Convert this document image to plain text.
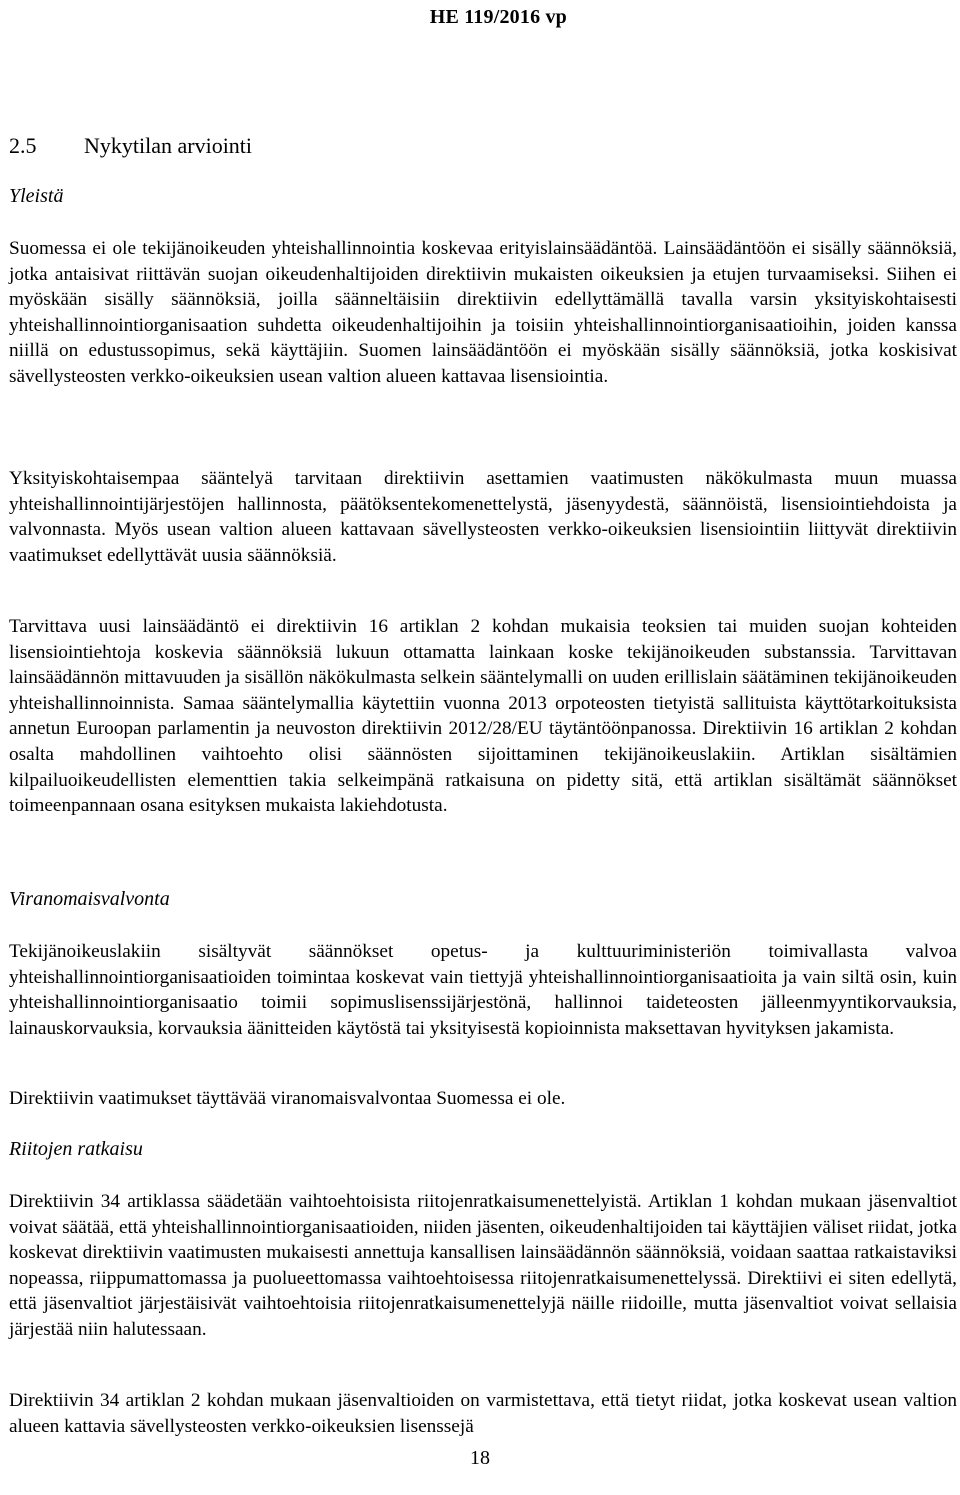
HE 119/2016 vp
2.5 Nykytilan arviointi

Yleistä

Suomessa ei ole tekijänoikeuden yhteishallinnointia koskevaa erityislainsäädäntöä. Lainsäädäntöön ei sisälly säännöksiä, jotka antaisivat riittävän suojan oikeudenhaltijoiden direktiivin mukaisten oikeuksien ja etujen turvaamiseksi. Siihen ei myöskään sisälly säännöksiä, joilla säänneltäisiin direktiivin edellyttämällä tavalla varsin yksityiskohtaisesti yhteishallinnointiorganisaation suhdetta oikeudenhaltijoihin ja toisiin yhteishallinnointiorganisaatioihin, joiden kanssa niillä on edustussopimus, sekä käyttäjiin. Suomen lainsäädäntöön ei myöskään sisälly säännöksiä, jotka koskisivat sävellysteosten verkko-oikeuksien usean valtion alueen kattavaa lisensiointia.

Yksityiskohtaisempaa sääntelyä tarvitaan direktiivin asettamien vaatimusten näkökulmasta muun muassa yhteishallinnointijärjestöjen hallinnosta, päätöksentekomenettelystä, jäsenyydestä, säännöistä, lisensiointiehdoista ja valvonnasta. Myös usean valtion alueen kattavaan sävellysteosten verkko-oikeuksien lisensiointiin liittyvät direktiivin vaatimukset edellyttävät uusia säännöksiä.

Tarvittava uusi lainsäädäntö ei direktiivin 16 artiklan 2 kohdan mukaisia teoksien tai muiden suojan kohteiden lisensiointiehtoja koskevia säännöksiä lukuun ottamatta lainkaan koske tekijänoikeuden substanssia. Tarvittavan lainsäädännön mittavuuden ja sisällön näkökulmasta selkein sääntelymalli on uuden erillislain säätäminen tekijänoikeuden yhteishallinnoinnista. Samaa sääntelymallia käytettiin vuonna 2013 orpoteosten tietyistä sallituista käyttötarkoituksista annetun Euroopan parlamentin ja neuvoston direktiivin 2012/28/EU täytäntöönpanossa. Direktiivin 16 artiklan 2 kohdan osalta mahdollinen vaihtoehto olisi säännösten sijoittaminen tekijänoikeuslakiin. Artiklan sisältämien kilpailuoikeudellisten elementtien takia selkeimpänä ratkaisuna on pidetty sitä, että artiklan sisältämät säännökset toimeenpannaan osana esityksen mukaista lakiehdotusta.

Viranomaisvalvonta

Tekijänoikeuslakiin sisältyvät säännökset opetus- ja kulttuuriministeriön toimivallasta valvoa yhteishallinnointiorganisaatioiden toimintaa koskevat vain tiettyjä yhteishallinnointiorganisaatioita ja vain siltä osin, kuin yhteishallinnointiorganisaatio toimii sopimuslisenssijärjestönä, hallinnoi taideteosten jälleenmyyntikorvauksia, lainauskorvauksia, korvauksia äänitteiden käytöstä tai yksityisestä kopioinnista maksettavan hyvityksen jakamista.

Direktiivin vaatimukset täyttävää viranomaisvalvontaa Suomessa ei ole.

Riitojen ratkaisu

Direktiivin 34 artiklassa säädetään vaihtoehtoisista riitojenratkaisumenettelyistä. Artiklan 1 kohdan mukaan jäsenvaltiot voivat säätää, että yhteishallinnointiorganisaatioiden, niiden jäsenten, oikeudenhaltijoiden tai käyttäjien väliset riidat, jotka koskevat direktiivin vaatimusten mukaisesti annettuja kansallisen lainsäädännön säännöksiä, voidaan saattaa ratkaistaviksi nopeassa, riippumattomassa ja puolueettomassa vaihtoehtoisessa riitojenratkaisumenettelyssä. Direktiivi ei siten edellytä, että jäsenvaltiot järjestäisivät vaihtoehtoisia riitojenratkaisumenettelyjä näille riidoille, mutta jäsenvaltiot voivat sellaisia järjestää niin halutessaan.

Direktiivin 34 artiklan 2 kohdan mukaan jäsenvaltioiden on varmistettava, että tietyt riidat, jotka koskevat usean valtion alueen kattavia sävellysteosten verkko-oikeuksien lisenssejä

18
